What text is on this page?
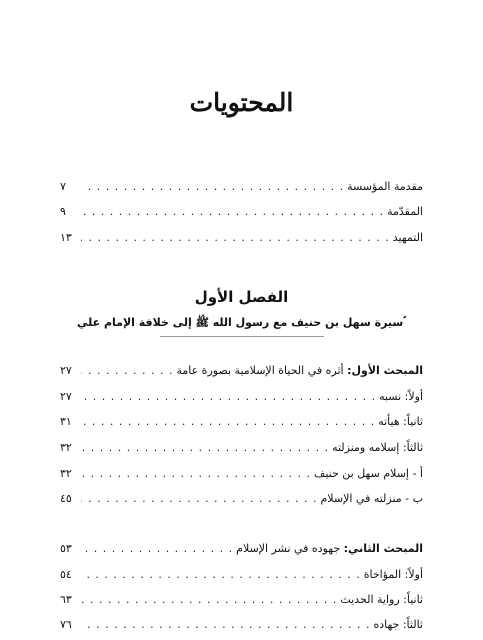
المحتويات
مقدمة المؤسسة
. . .
٧
المقدّمة
. . .
٩
التمهيد
. . .
١٣
الفصل الأول
سيرة سهل بن حنيف مع رسول الله ﷺ إلى خلافة الإمام علي ؑ
المبحث الأول: أثره في الحياة الإسلامية بصورة عامة
. . .
٢٧
أولاً: نسبه
. . .
٢٧
ثانياً: هيأته
. . .
٣١
ثالثاً: إسلامه ومنزلته
. . .
٣٢
أ - إسلام سهل بن حنيف
. . .
٣٢
ب - منزلته في الإسلام
. . .
٤٥
المبحث الثاني: جهوده في نشر الإسلام
. . .
٥٣
أولاً: المؤاخاة
. . .
٥٤
ثانياً: رواية الحديث
. . .
٦٣
ثالثاً: جهاده
. . .
٧٦
